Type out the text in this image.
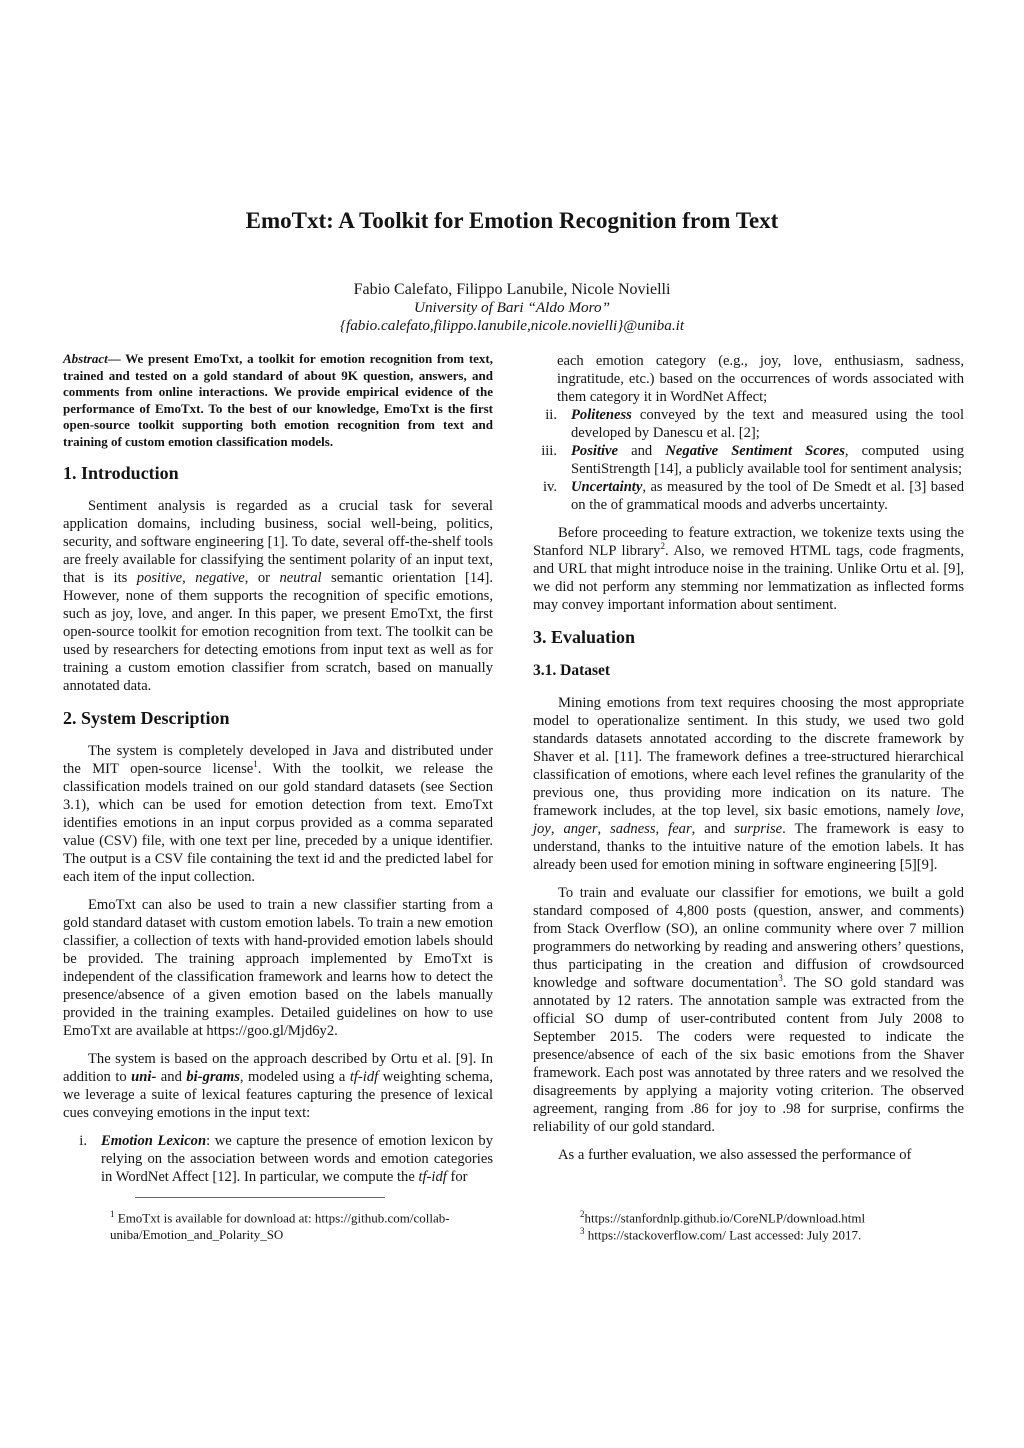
EmoTxt: A Toolkit for Emotion Recognition from Text
Fabio Calefato, Filippo Lanubile, Nicole Novielli
University of Bari “Aldo Moro”
{fabio.calefato,filippo.lanubile,nicole.novielli}@uniba.it

Abstract— We present EmoTxt, a toolkit for emotion recognition from text, trained and tested on a gold standard of about 9K question, answers, and comments from online interactions. We provide empirical evidence of the performance of EmoTxt. To the best of our knowledge, EmoTxt is the first open-source toolkit supporting both emotion recognition from text and training of custom emotion classification models.

1. Introduction

Sentiment analysis is regarded as a crucial task for several application domains, including business, social well-being, politics, security, and software engineering [1]. To date, several off-the-shelf tools are freely available for classifying the sentiment polarity of an input text, that is its positive, negative, or neutral semantic orientation [14]. However, none of them supports the recognition of specific emotions, such as joy, love, and anger. In this paper, we present EmoTxt, the first open-source toolkit for emotion recognition from text. The toolkit can be used by researchers for detecting emotions from input text as well as for training a custom emotion classifier from scratch, based on manually annotated data.

2. System Description

The system is completely developed in Java and distributed under the MIT open-source license$^1$. With the toolkit, we release the classification models trained on our gold standard datasets (see Section 3.1), which can be used for emotion detection from text. EmoTxt identifies emotions in an input corpus provided as a comma separated value (CSV) file, with one text per line, preceded by a unique identifier. The output is a CSV file containing the text id and the predicted label for each item of the input collection.

EmoTxt can also be used to train a new classifier starting from a gold standard dataset with custom emotion labels. To train a new emotion classifier, a collection of texts with hand-provided emotion labels should be provided. The training approach implemented by EmoTxt is independent of the classification framework and learns how to detect the presence/absence of a given emotion based on the labels manually provided in the training examples. Detailed guidelines on how to use EmoTxt are available at https://goo.gl/Mjd6y2.

The system is based on the approach described by Ortu et al. [9]. In addition to uni- and bi-grams, modeled using a tf-idf weighting schema, we leverage a suite of lexical features capturing the presence of lexical cues conveying emotions in the input text:

i. Emotion Lexicon: we capture the presence of emotion lexicon by relying on the association between words and emotion categories in WordNet Affect [12]. In particular, we compute the tf-idf for

each emotion category (e.g., joy, love, enthusiasm, sadness, ingratitude, etc.) based on the occurrences of words associated with them category it in WordNet Affect;

ii. Politeness conveyed by the text and measured using the tool developed by Danescu et al. [2];
iii. Positive and Negative Sentiment Scores, computed using SentiStrength [14], a publicly available tool for sentiment analysis;
iv. Uncertainty, as measured by the tool of De Smedt et al. [3] based on the of grammatical moods and adverbs uncertainty.

Before proceeding to feature extraction, we tokenize texts using the Stanford NLP library$^2$. Also, we removed HTML tags, code fragments, and URL that might introduce noise in the training. Unlike Ortu et al. [9], we did not perform any stemming nor lemmatization as inflected forms may convey important information about sentiment.

3. Evaluation
3.1. Dataset

Mining emotions from text requires choosing the most appropriate model to operationalize sentiment. In this study, we used two gold standards datasets annotated according to the discrete framework by Shaver et al. [11]. The framework defines a tree-structured hierarchical classification of emotions, where each level refines the granularity of the previous one, thus providing more indication on its nature. The framework includes, at the top level, six basic emotions, namely love, joy, anger, sadness, fear, and surprise. The framework is easy to understand, thanks to the intuitive nature of the emotion labels. It has already been used for emotion mining in software engineering [5][9].

To train and evaluate our classifier for emotions, we built a gold standard composed of 4,800 posts (question, answer, and comments) from Stack Overflow (SO), an online community where over 7 million programmers do networking by reading and answering others’ questions, thus participating in the creation and diffusion of crowdsourced knowledge and software documentation$^3$. The SO gold standard was annotated by 12 raters. The annotation sample was extracted from the official SO dump of user-contributed content from July 2008 to September 2015. The coders were requested to indicate the presence/absence of each of the six basic emotions from the Shaver framework. Each post was annotated by three raters and we resolved the disagreements by applying a majority voting criterion. The observed agreement, ranging from .86 for joy to .98 for surprise, confirms the reliability of our gold standard.

As a further evaluation, we also assessed the performance of

$^1$ EmoTxt is available for download at: https://github.com/collab-uniba/Emotion_and_Polarity_SO
$^2$https://stanfordnlp.github.io/CoreNLP/download.html
$^3$ https://stackoverflow.com/ Last accessed: July 2017.
